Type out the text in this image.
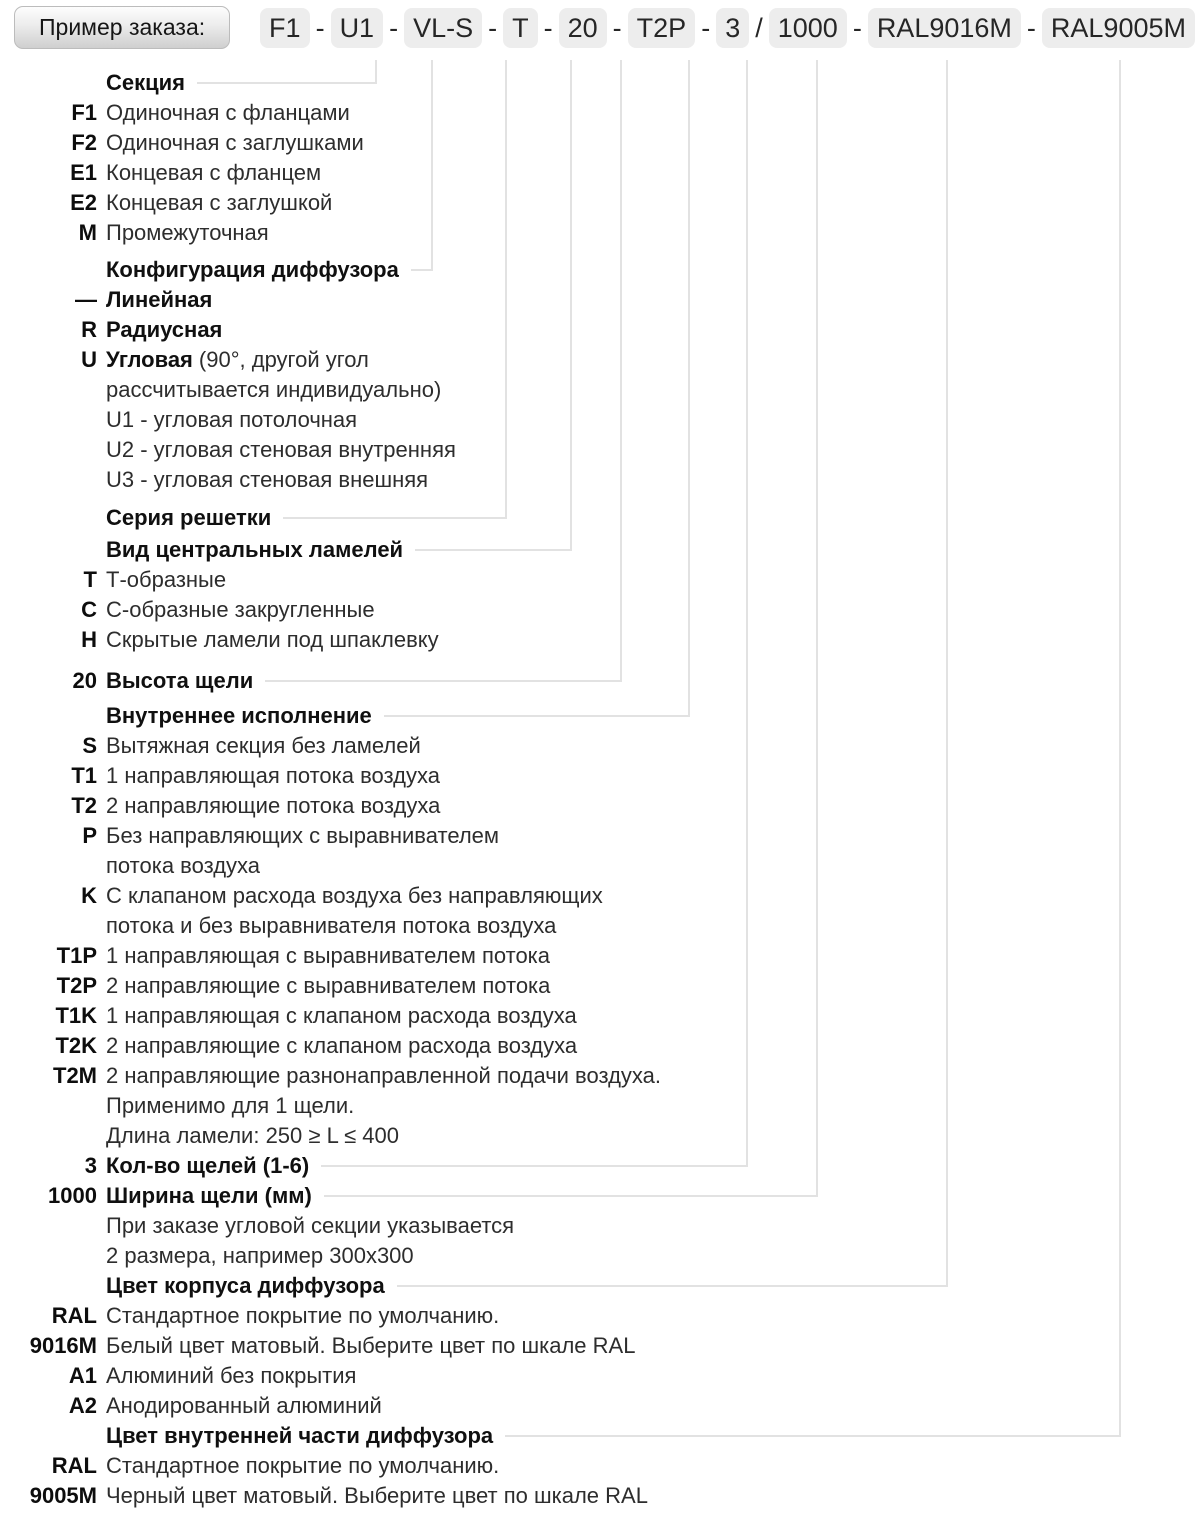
Пример заказа:	F1 - U1 - VL-S - T - 20 - T2P - 3 / 1000 - RAL9016M - RAL9005M
Секция
F1 Одиночная с фланцами
F2 Одиночная с заглушками
E1 Концевая с фланцем
E2 Концевая с заглушкой
M Промежуточная
Конфигурация диффузора
— Линейная
R Радиусная
U Угловая (90°, другой угол
рассчитывается индивидуально)
U1 - угловая потолочная
U2 - угловая стеновая внутренняя
U3 - угловая стеновая внешняя
Серия решетки
Вид центральных ламелей
T Т-образные
C С-образные закругленные
H Скрытые ламели под шпаклевку
20 Высота щели
Внутреннее исполнение
S Вытяжная секция без ламелей
T1 1 направляющая потока воздуха
T2 2 направляющие потока воздуха
P Без направляющих с выравнивателем
потока воздуха
K С клапаном расхода воздуха без направляющих
потока и без выравнивателя потока воздуха
T1P 1 направляющая с выравнивателем потока
T2P 2 направляющие с выравнивателем потока
T1K 1 направляющая с клапаном расхода воздуха
T2K 2 направляющие с клапаном расхода воздуха
T2M 2 направляющие разнонаправленной подачи воздуха.
Применимо для 1 щели.
Длина ламели: 250 ≥ L ≤ 400
3 Кол-во щелей (1-6)
1000 Ширина щели (мм)
При заказе угловой секции указывается
2 размера, например 300х300
Цвет корпуса диффузора
RAL Стандартное покрытие по умолчанию.
9016M Белый цвет матовый. Выберите цвет по шкале RAL
A1 Алюминий без покрытия
A2 Анодированный алюминий
Цвет внутренней части диффузора
RAL Стандартное покрытие по умолчанию.
9005M Черный цвет матовый. Выберите цвет по шкале RAL
